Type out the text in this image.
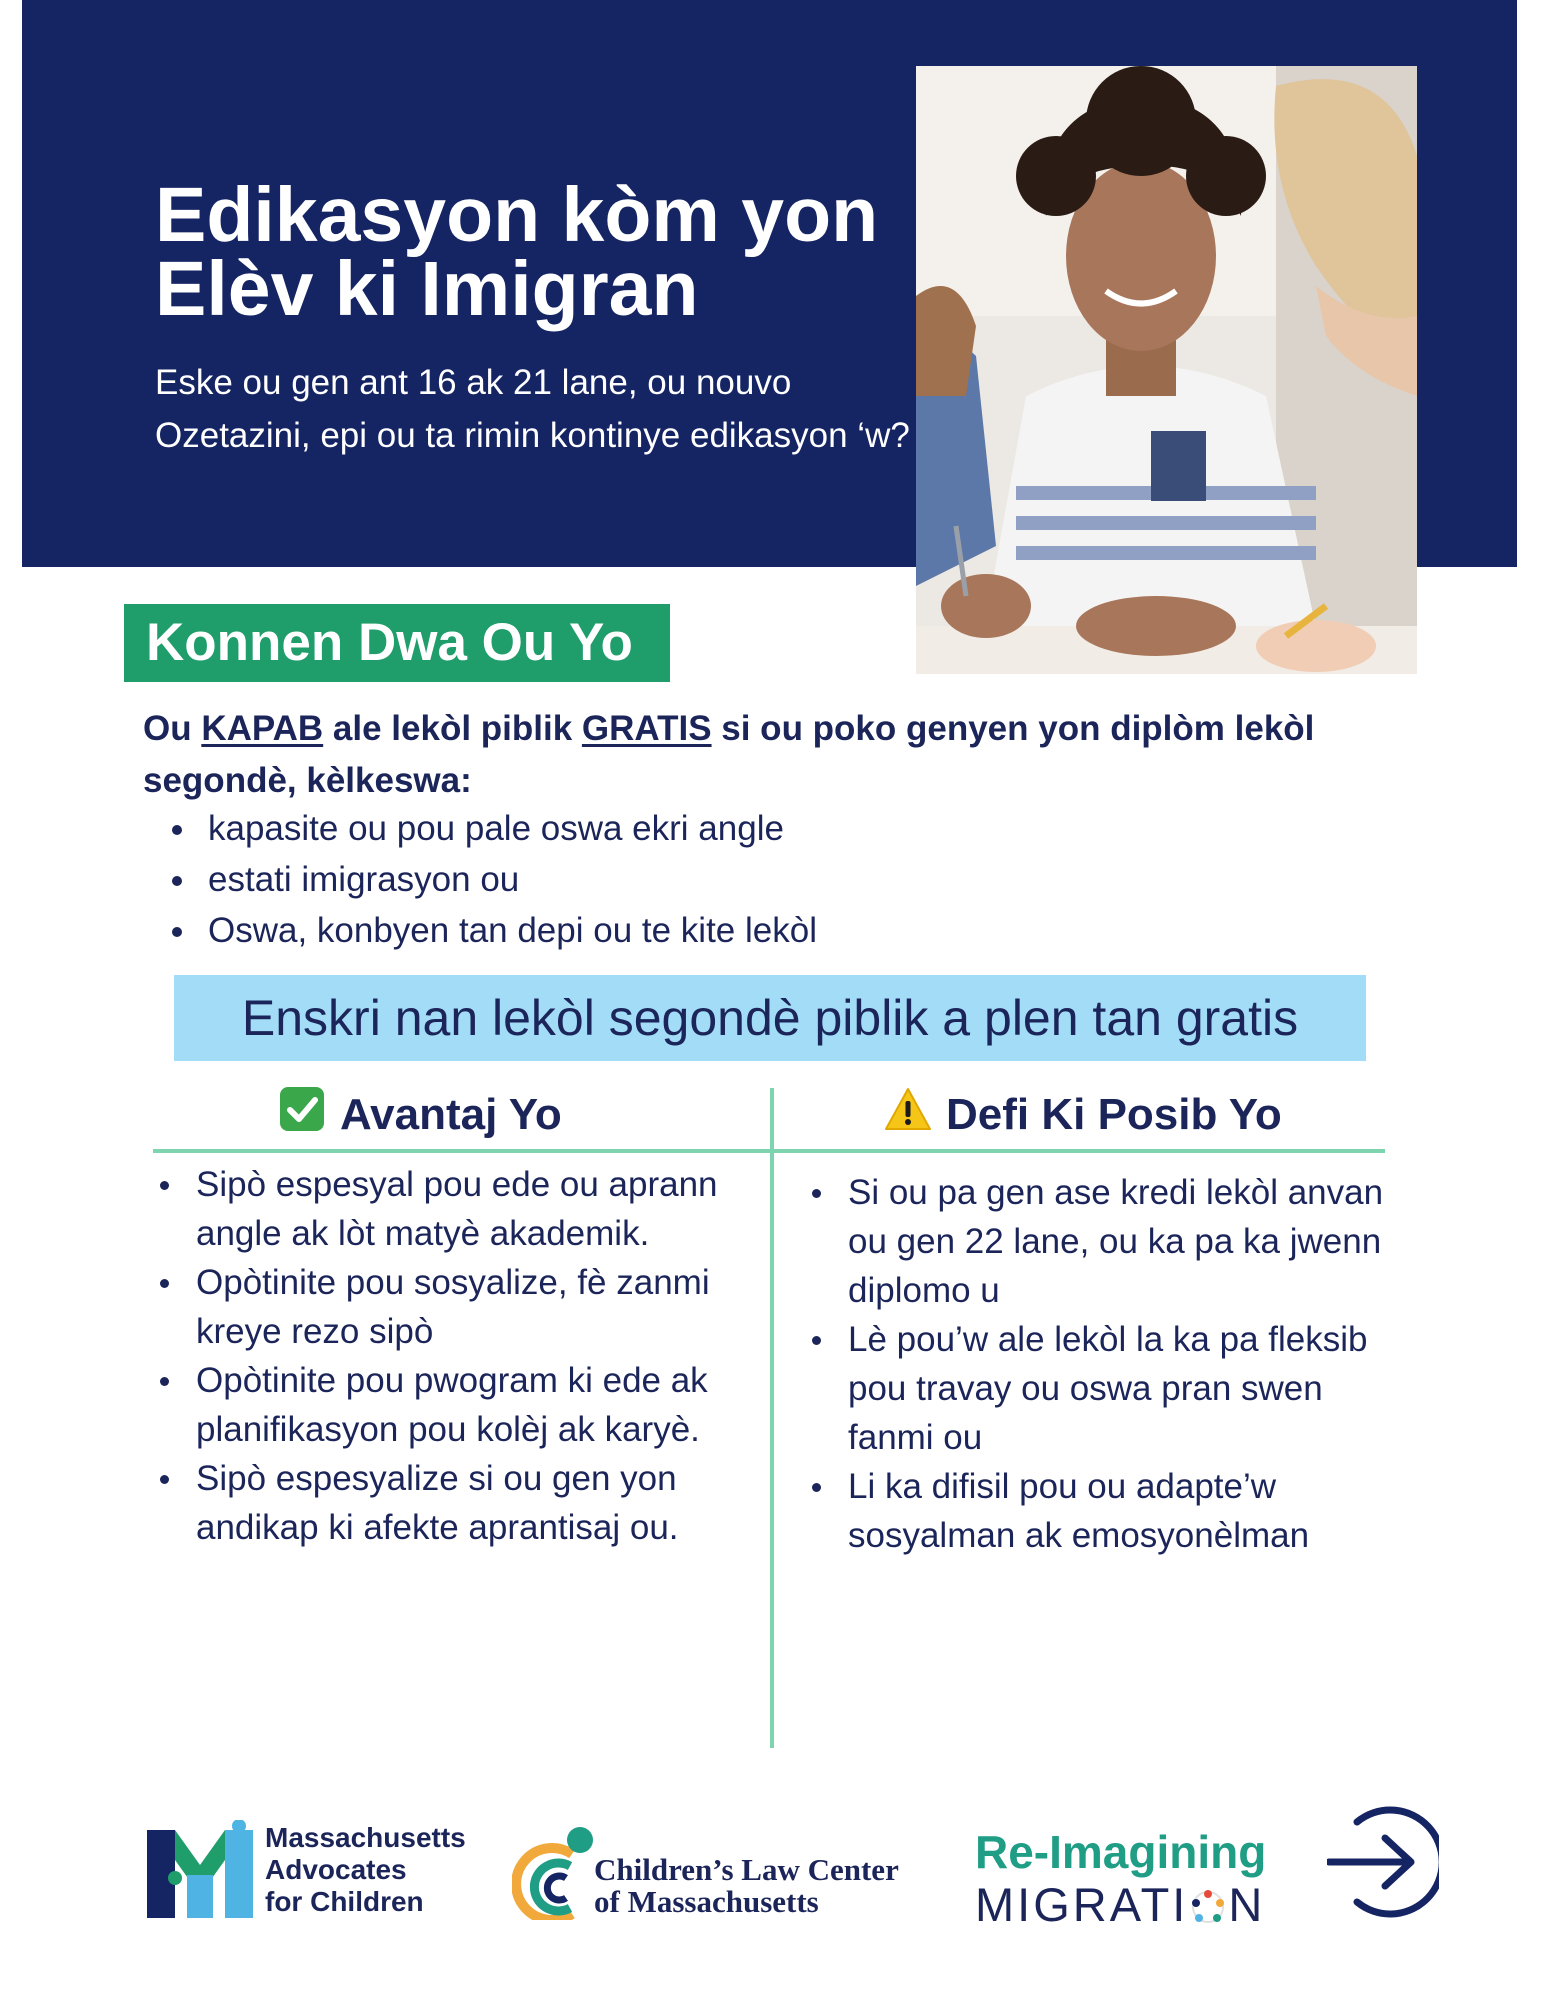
Edikasyon kòm yon
Elèv ki Imigran

Eske ou gen ant 16 ak 21 lane, ou nouvo Ozetazini, epi ou ta rimin kontinye edikasyon ‘w?

Konnen Dwa Ou Yo

Ou KAPAB ale lekòl piblik GRATIS si ou poko genyen yon diplòm lekòl segondè, kèlkeswa:

kapasite ou pou pale oswa ekri angle
estati imigrasyon ou
Oswa, konbyen tan depi ou te kite lekòl
Enskri nan lekòl segondè piblik a plen tan gratis
Avantaj Yo	Defi Ki Posib Yo
Sipò espesyal pou ede ou aprann angle ak lòt matyè akademik.
Opòtinite pou sosyalize, fè zanmi kreye rezo sipò
Opòtinite pou pwogram ki ede ak planifikasyon pou kolèj ak karyè.
Sipò espesyalize si ou gen yon andikap ki afekte aprantisaj ou.
Si ou pa gen ase kredi lekòl anvan ou gen 22 lane, ou ka pa ka jwenn diplomo u
Lè pou’w ale lekòl la ka pa fleksib pou travay ou oswa pran swen fanmi ou
Li ka difisil pou ou adapte’w sosyalman ak emosyonèlman
Massachusetts
Advocates
for Children
Children’s Law Center
of Massachusetts
Re-Imagining
MIGRATI N
